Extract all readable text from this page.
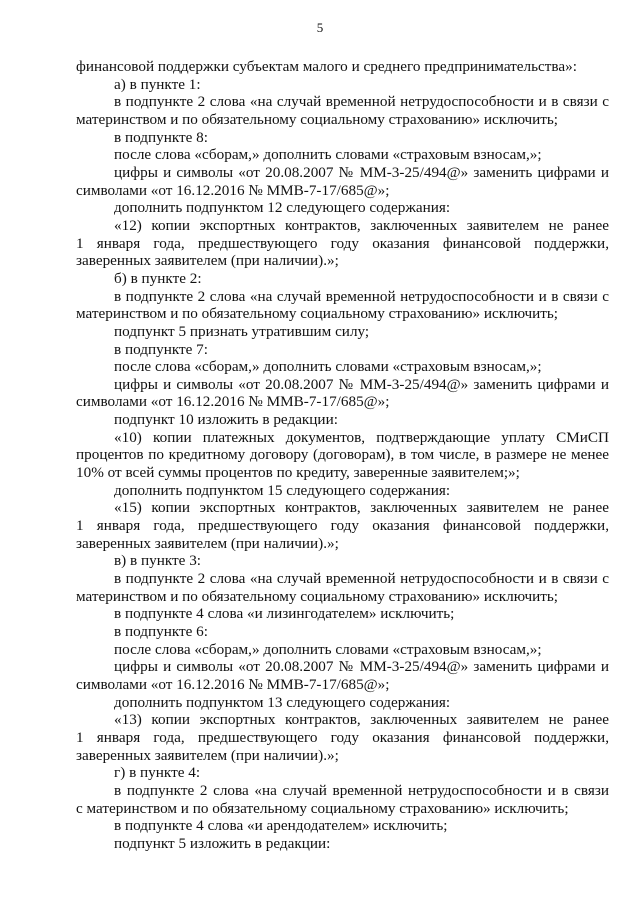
5
финансовой поддержки субъектам малого и среднего предпринимательства»:
а) в пункте 1:
в подпункте 2 слова «на случай временной нетрудоспособности и в связи с
материнством и по обязательному социальному страхованию» исключить;
в подпункте 8:
после слова «сборам,» дополнить словами «страховым взносам,»;
цифры и символы «от 20.08.2007 № ММ-3-25/494@» заменить цифрами и
символами «от 16.12.2016 № ММВ-7-17/685@»;
дополнить подпунктом 12 следующего содержания:
«12) копии экспортных контрактов, заключенных заявителем не ранее
1 января года, предшествующего году оказания финансовой поддержки,
заверенных заявителем (при наличии).»;
б) в пункте 2:
в подпункте 2 слова «на случай временной нетрудоспособности и в связи с
материнством и по обязательному социальному страхованию» исключить;
подпункт 5 признать утратившим силу;
в подпункте 7:
после слова «сборам,» дополнить словами «страховым взносам,»;
цифры и символы «от 20.08.2007 № ММ-3-25/494@» заменить цифрами и
символами «от 16.12.2016 № ММВ-7-17/685@»;
подпункт 10 изложить в редакции:
«10) копии платежных документов, подтверждающие уплату СМиСП
процентов по кредитному договору (договорам), в том числе, в размере не менее
10% от всей суммы процентов по кредиту, заверенные заявителем;»;
дополнить подпунктом 15 следующего содержания:
«15) копии экспортных контрактов, заключенных заявителем не ранее
1 января года, предшествующего году оказания финансовой поддержки,
заверенных заявителем (при наличии).»;
в) в пункте 3:
в подпункте 2 слова «на случай временной нетрудоспособности и в связи с
материнством и по обязательному социальному страхованию» исключить;
в подпункте 4 слова «и лизингодателем» исключить;
в подпункте 6:
после слова «сборам,» дополнить словами «страховым взносам,»;
цифры и символы «от 20.08.2007 № ММ-3-25/494@» заменить цифрами и
символами «от 16.12.2016 № ММВ-7-17/685@»;
дополнить подпунктом 13 следующего содержания:
«13) копии экспортных контрактов, заключенных заявителем не ранее
1 января года, предшествующего году оказания финансовой поддержки,
заверенных заявителем (при наличии).»;
г) в пункте 4:
в подпункте 2 слова «на случай временной нетрудоспособности и в связи
с материнством и по обязательному социальному страхованию» исключить;
в подпункте 4 слова «и арендодателем» исключить;
подпункт 5 изложить в редакции:
